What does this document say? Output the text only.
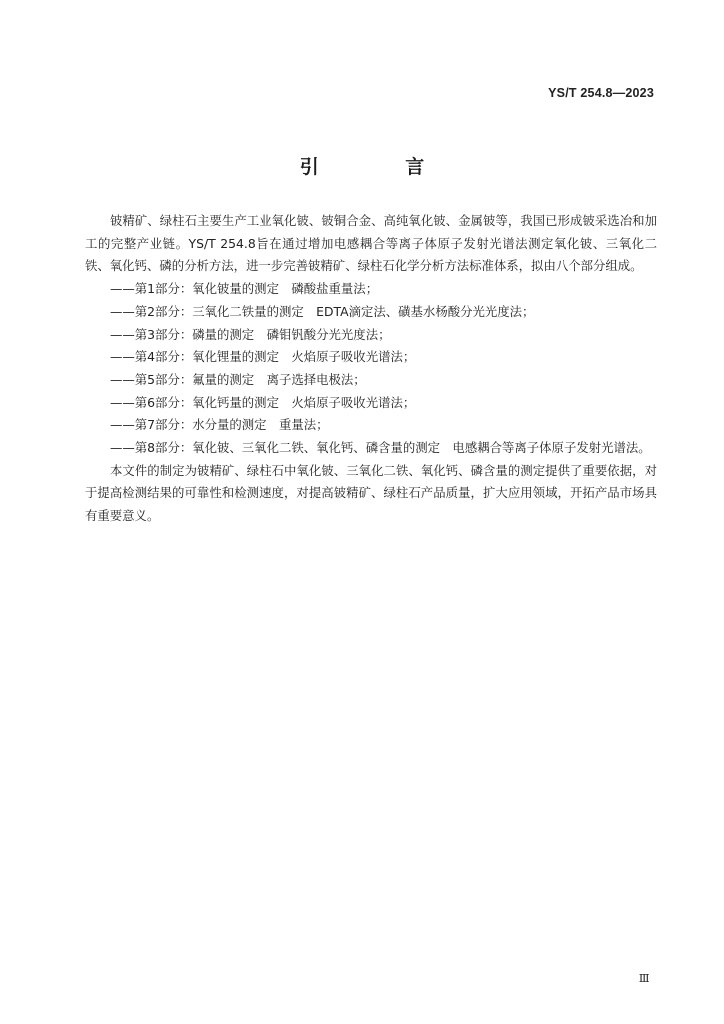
YS/T 254.8—2023
引 言

铍精矿、绿柱石主要生产工业氧化铍、铍铜合金、高纯氧化铍、金属铍等，我国已形成铍采选冶和加工的完整产业链。YS/T 254.8旨在通过增加电感耦合等离子体原子发射光谱法测定氧化铍、三氧化二铁、氧化钙、磷的分析方法，进一步完善铍精矿、绿柱石化学分析方法标准体系，拟由八个部分组成。

——第1部分：氧化铍量的测定　磷酸盐重量法；

——第2部分：三氧化二铁量的测定　EDTA滴定法、磺基水杨酸分光光度法；

——第3部分：磷量的测定　磷钼钒酸分光光度法；

——第4部分：氧化锂量的测定　火焰原子吸收光谱法；

——第5部分：氟量的测定　离子选择电极法；

——第6部分：氧化钙量的测定　火焰原子吸收光谱法；

——第7部分：水分量的测定　重量法；

——第8部分：氧化铍、三氧化二铁、氧化钙、磷含量的测定　电感耦合等离子体原子发射光谱法。

本文件的制定为铍精矿、绿柱石中氧化铍、三氧化二铁、氧化钙、磷含量的测定提供了重要依据，对于提高检测结果的可靠性和检测速度，对提高铍精矿、绿柱石产品质量，扩大应用领域，开拓产品市场具有重要意义。

Ⅲ
